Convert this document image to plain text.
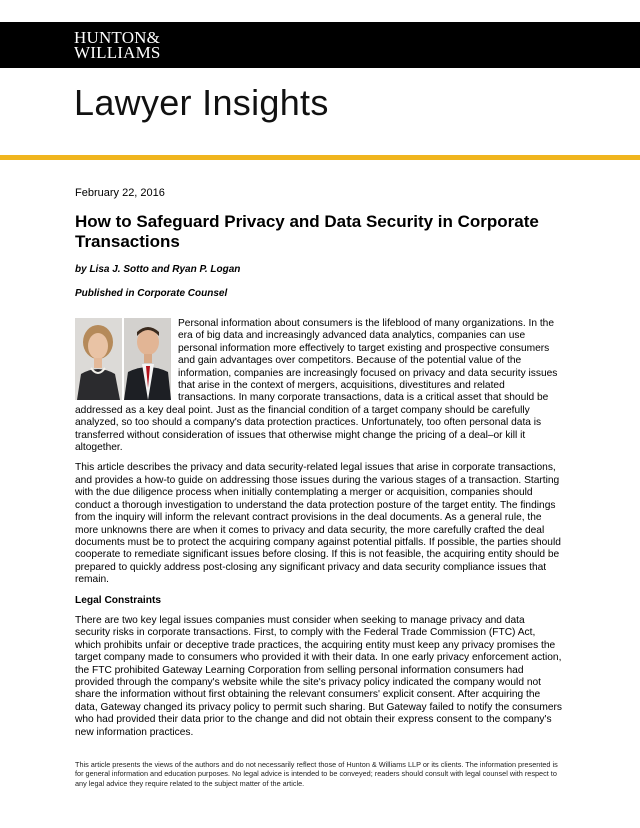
HUNTON&
WILLIAMS
Lawyer Insights
February 22, 2016
How to Safeguard Privacy and Data Security in Corporate Transactions
by Lisa J. Sotto and Ryan P. Logan
Published in Corporate Counsel

Personal information about consumers is the lifeblood of many organizations. In the era of big data and increasingly advanced data analytics, companies can use personal information more effectively to target existing and prospective consumers and gain advantages over competitors. Because of the potential value of the information, companies are increasingly focused on privacy and data security issues that arise in the context of mergers, acquisitions, divestitures and related transactions. In many corporate transactions, data is a critical asset that should be addressed as a key deal point. Just as the financial condition of a target company should be carefully analyzed, so too should a company's data protection practices. Unfortunately, too often personal data is transferred without consideration of issues that otherwise might change the pricing of a deal–or kill it altogether.

This article describes the privacy and data security-related legal issues that arise in corporate transactions, and provides a how-to guide on addressing those issues during the various stages of a transaction. Starting with the due diligence process when initially contemplating a merger or acquisition, companies should conduct a thorough investigation to understand the data protection posture of the target entity. The findings from the inquiry will inform the relevant contract provisions in the deal documents. As a general rule, the more unknowns there are when it comes to privacy and data security, the more carefully crafted the deal documents must be to protect the acquiring company against potential pitfalls. If possible, the parties should cooperate to remediate significant issues before closing. If this is not feasible, the acquiring entity should be prepared to quickly address post-closing any significant privacy and data security compliance issues that remain.

Legal Constraints

There are two key legal issues companies must consider when seeking to manage privacy and data security risks in corporate transactions. First, to comply with the Federal Trade Commission (FTC) Act, which prohibits unfair or deceptive trade practices, the acquiring entity must keep any privacy promises the target company made to consumers who provided it with their data. In one early privacy enforcement action, the FTC prohibited Gateway Learning Corporation from selling personal information consumers had provided through the company's website while the site's privacy policy indicated the company would not share the information without first obtaining the relevant consumers' explicit consent. After acquiring the data, Gateway changed its privacy policy to permit such sharing. But Gateway failed to notify the consumers who had provided their data prior to the change and did not obtain their express consent to the company's new information practices.

This article presents the views of the authors and do not necessarily reflect those of Hunton & Williams LLP or its clients. The information presented is for general information and education purposes. No legal advice is intended to be conveyed; readers should consult with legal counsel with respect to any legal advice they require related to the subject matter of the article.
